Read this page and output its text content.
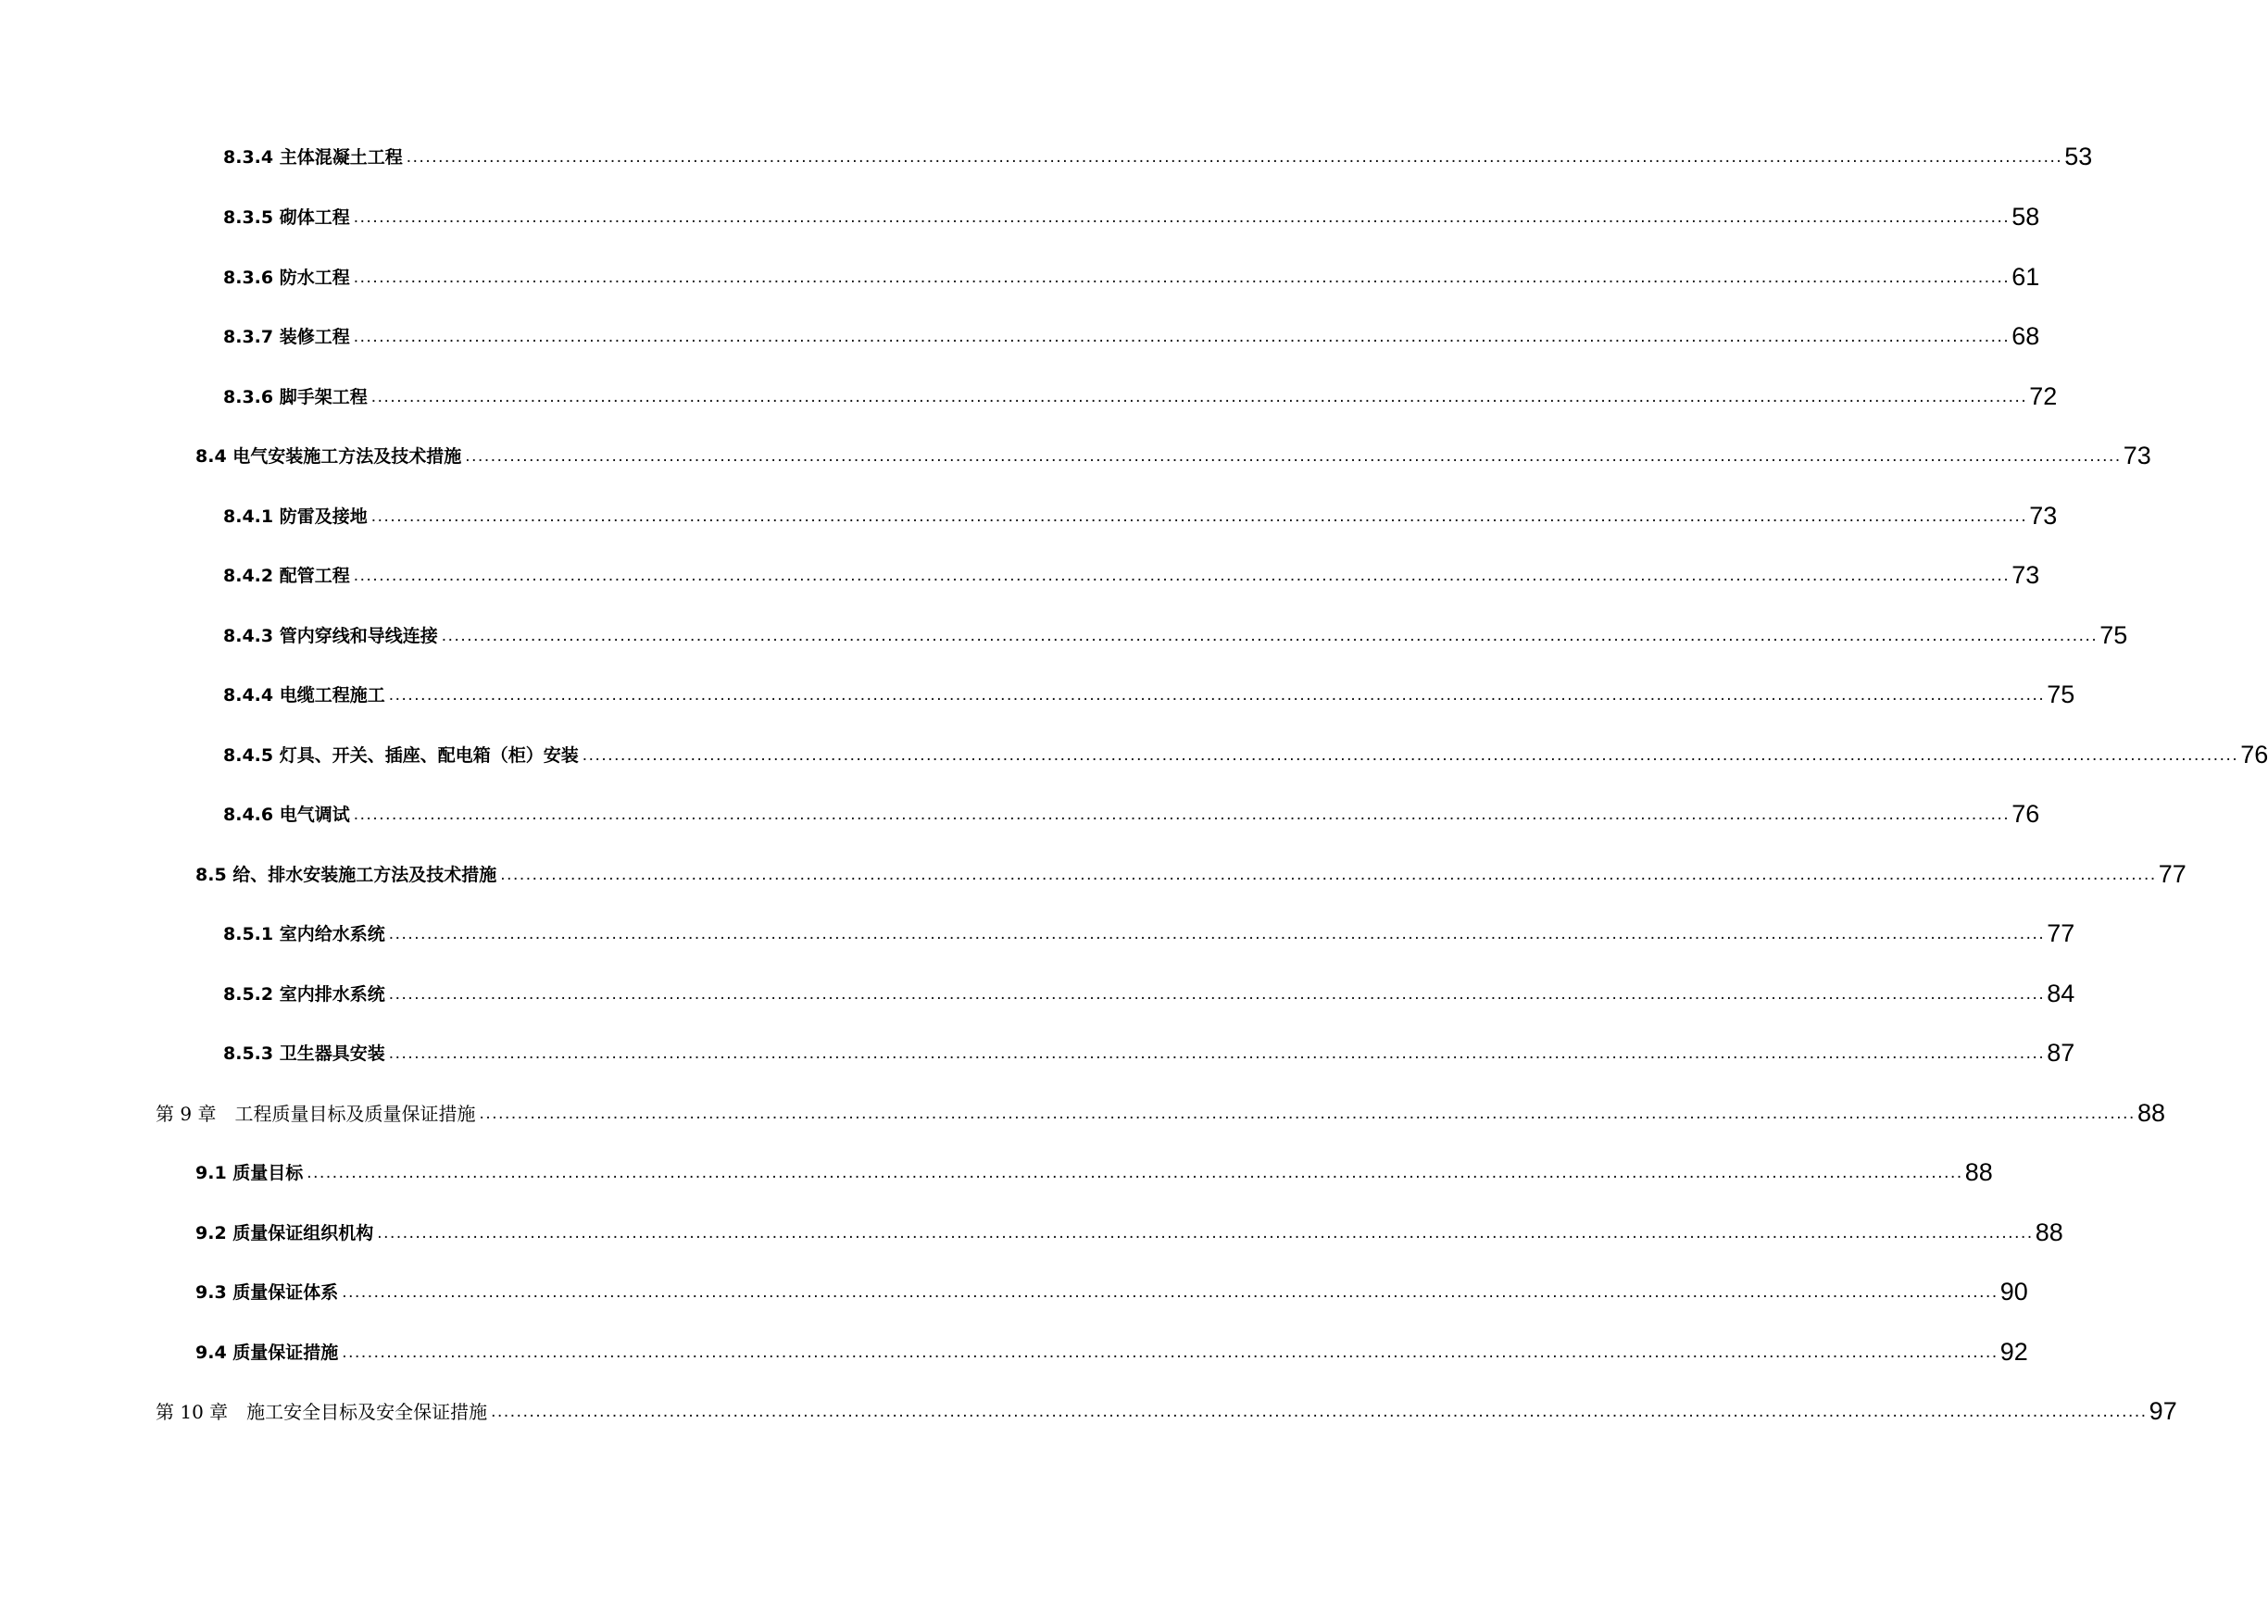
8.3.4 主体混凝土工程 .................................................................................................................................................................................................................................................................... 53
8.3.5 砌体工程 .................................................................................................................................................................................................................................................................... 58
8.3.6 防水工程 .................................................................................................................................................................................................................................................................... 61
8.3.7 装修工程 .................................................................................................................................................................................................................................................................... 68
8.3.6 脚手架工程 .................................................................................................................................................................................................................................................................... 72
8.4 电气安装施工方法及技术措施 .................................................................................................................................................................................................................................................................... 73
8.4.1 防雷及接地 .................................................................................................................................................................................................................................................................... 73
8.4.2 配管工程 .................................................................................................................................................................................................................................................................... 73
8.4.3 管内穿线和导线连接 .................................................................................................................................................................................................................................................................... 75
8.4.4 电缆工程施工 .................................................................................................................................................................................................................................................................... 75
8.4.5 灯具、开关、插座、配电箱（柜）安装 .................................................................................................................................................................................................................................................................... 76
8.4.6 电气调试 .................................................................................................................................................................................................................................................................... 76
8.5 给、排水安装施工方法及技术措施 .................................................................................................................................................................................................................................................................... 77
8.5.1 室内给水系统 .................................................................................................................................................................................................................................................................... 77
8.5.2 室内排水系统 .................................................................................................................................................................................................................................................................... 84
8.5.3 卫生器具安装 .................................................................................................................................................................................................................................................................... 87
第 9 章　工程质量目标及质量保证措施 .................................................................................................................................................................................................................................................................... 88
9.1 质量目标 .................................................................................................................................................................................................................................................................... 88
9.2 质量保证组织机构 .................................................................................................................................................................................................................................................................... 88
9.3 质量保证体系 .................................................................................................................................................................................................................................................................... 90
9.4 质量保证措施 .................................................................................................................................................................................................................................................................... 92
第 10 章　施工安全目标及安全保证措施 .................................................................................................................................................................................................................................................................... 97
